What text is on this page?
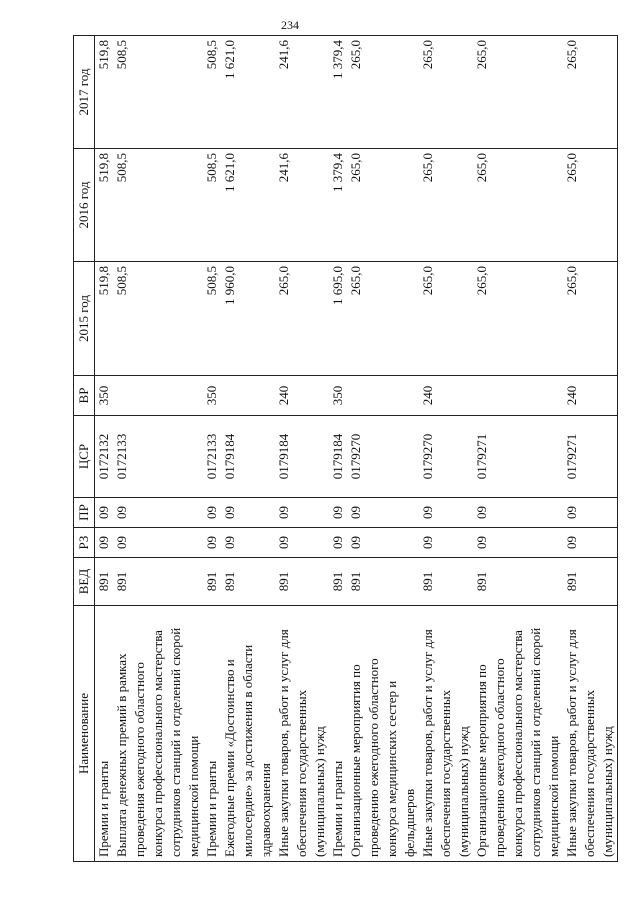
234
Наименование	ВЕД	РЗ	ПР	ЦСР	ВР	2015 год	2016 год	2017 год
Премии и гранты	891	09	09	0172132	350	519,8	519,8	519,8
Выплата денежных премий в рамках проведения ежегодного областного конкурса профессионального мастерства сотрудников станций и отделений скорой медицинской помощи	891	09	09	0172133		508,5	508,5	508,5
Премии и гранты	891	09	09	0172133	350	508,5	508,5	508,5
Ежегодные премии «Достоинство и милосердие» за достижения в области здравоохранения	891	09	09	0179184		1 960,0	1 621,0	1 621,0
Иные закупки товаров, работ и услуг для обеспечения государственных (муниципальных) нужд	891	09	09	0179184	240	265,0	241,6	241,6
Премии и гранты	891	09	09	0179184	350	1 695,0	1 379,4	1 379,4
Организационные мероприятия по проведению ежегодного областного конкурса медицинских сестер и фельдшеров	891	09	09	0179270		265,0	265,0	265,0
Иные закупки товаров, работ и услуг для обеспечения государственных (муниципальных) нужд	891	09	09	0179270	240	265,0	265,0	265,0
Организационные мероприятия по проведению ежегодного областного конкурса профессионального мастерства сотрудников станций и отделений скорой медицинской помощи	891	09	09	0179271		265,0	265,0	265,0
Иные закупки товаров, работ и услуг для обеспечения государственных (муниципальных) нужд	891	09	09	0179271	240	265,0	265,0	265,0
